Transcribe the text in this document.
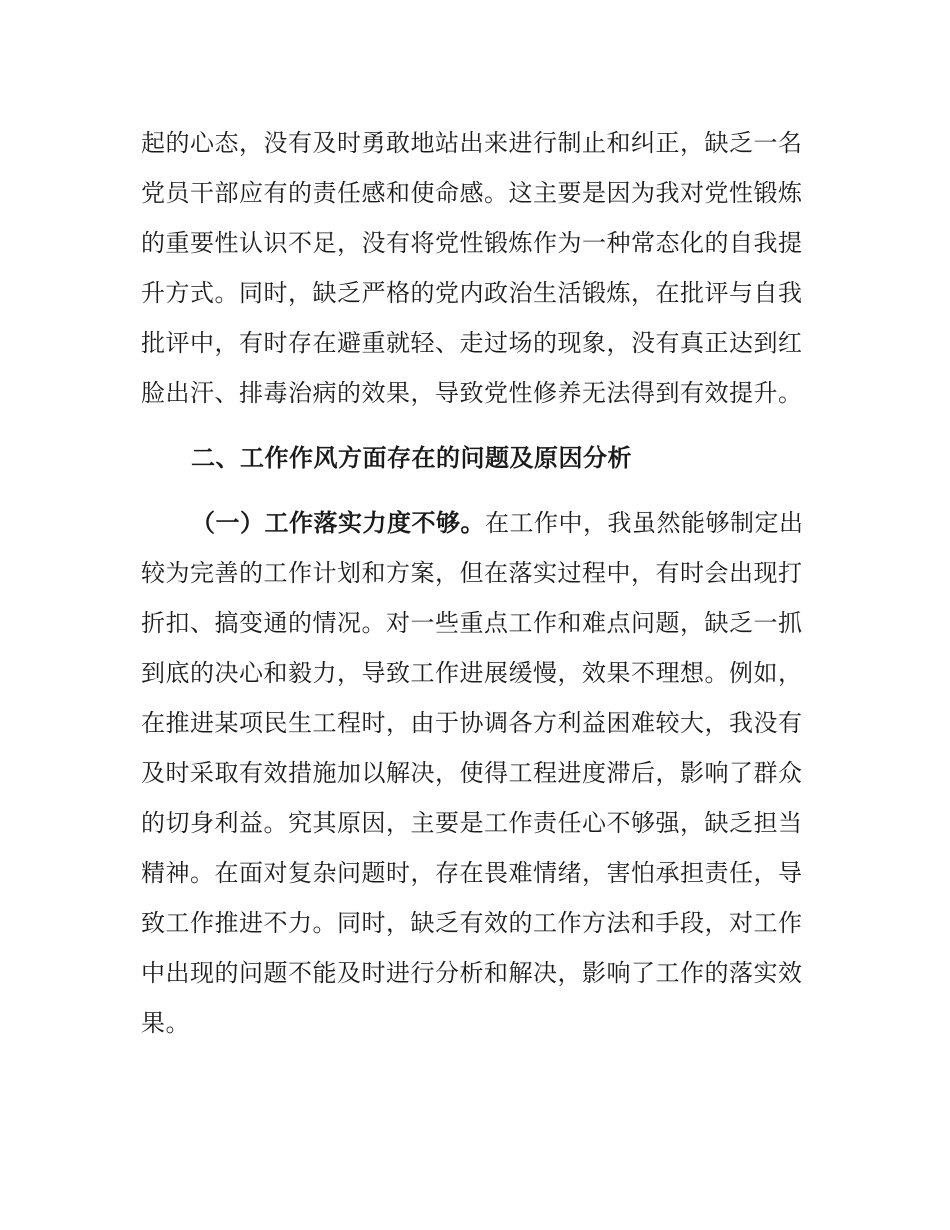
起的心态，没有及时勇敢地站出来进行制止和纠正，缺乏一名
党员干部应有的责任感和使命感。这主要是因为我对党性锻炼
的重要性认识不足，没有将党性锻炼作为一种常态化的自我提
升方式。同时，缺乏严格的党内政治生活锻炼，在批评与自我
批评中，有时存在避重就轻、走过场的现象，没有真正达到红
脸出汗、排毒治病的效果，导致党性修养无法得到有效提升。
二、工作作风方面存在的问题及原因分析
（一）工作落实力度不够。在工作中，我虽然能够制定出
较为完善的工作计划和方案，但在落实过程中，有时会出现打
折扣、搞变通的情况。对一些重点工作和难点问题，缺乏一抓
到底的决心和毅力，导致工作进展缓慢，效果不理想。例如，
在推进某项民生工程时，由于协调各方利益困难较大，我没有
及时采取有效措施加以解决，使得工程进度滞后，影响了群众
的切身利益。究其原因，主要是工作责任心不够强，缺乏担当
精神。在面对复杂问题时，存在畏难情绪，害怕承担责任，导
致工作推进不力。同时，缺乏有效的工作方法和手段，对工作
中出现的问题不能及时进行分析和解决，影响了工作的落实效
果。
